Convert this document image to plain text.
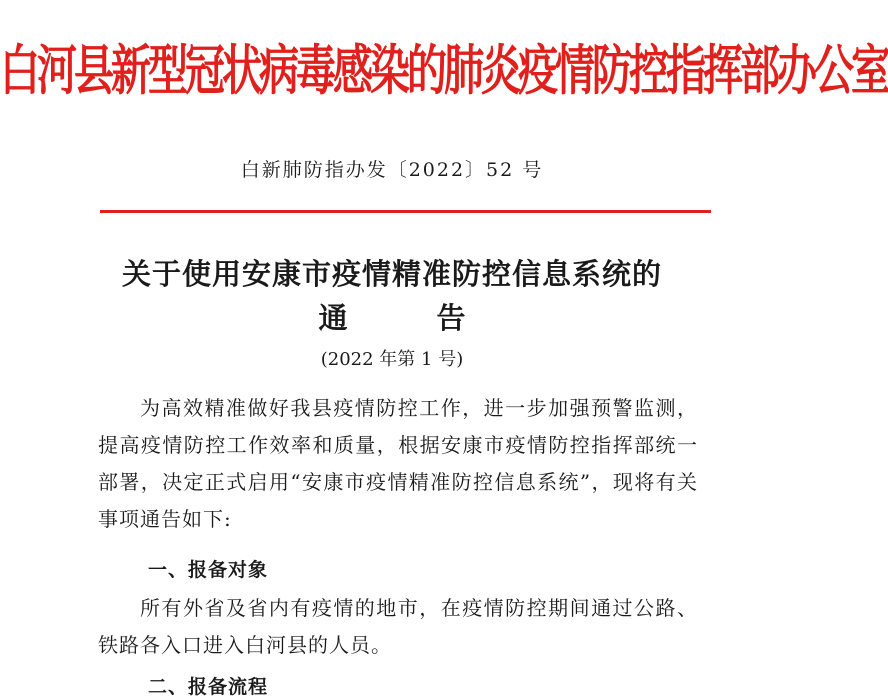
白河县新型冠状病毒感染的肺炎疫情防控指挥部办公室
白新肺防指办发〔2022〕52 号
关于使用安康市疫情精准防控信息系统的
通	告
(2022 年第 1 号)
为高效精准做好我县疫情防控工作，进一步加强预警监测，提高疫情防控工作效率和质量，根据安康市疫情防控指挥部统一部署，决定正式启用“安康市疫情精准防控信息系统”，现将有关事项通告如下:
一、报备对象
所有外省及省内有疫情的地市，在疫情防控期间通过公路、铁路各入口进入白河县的人员。
二、报备流程
